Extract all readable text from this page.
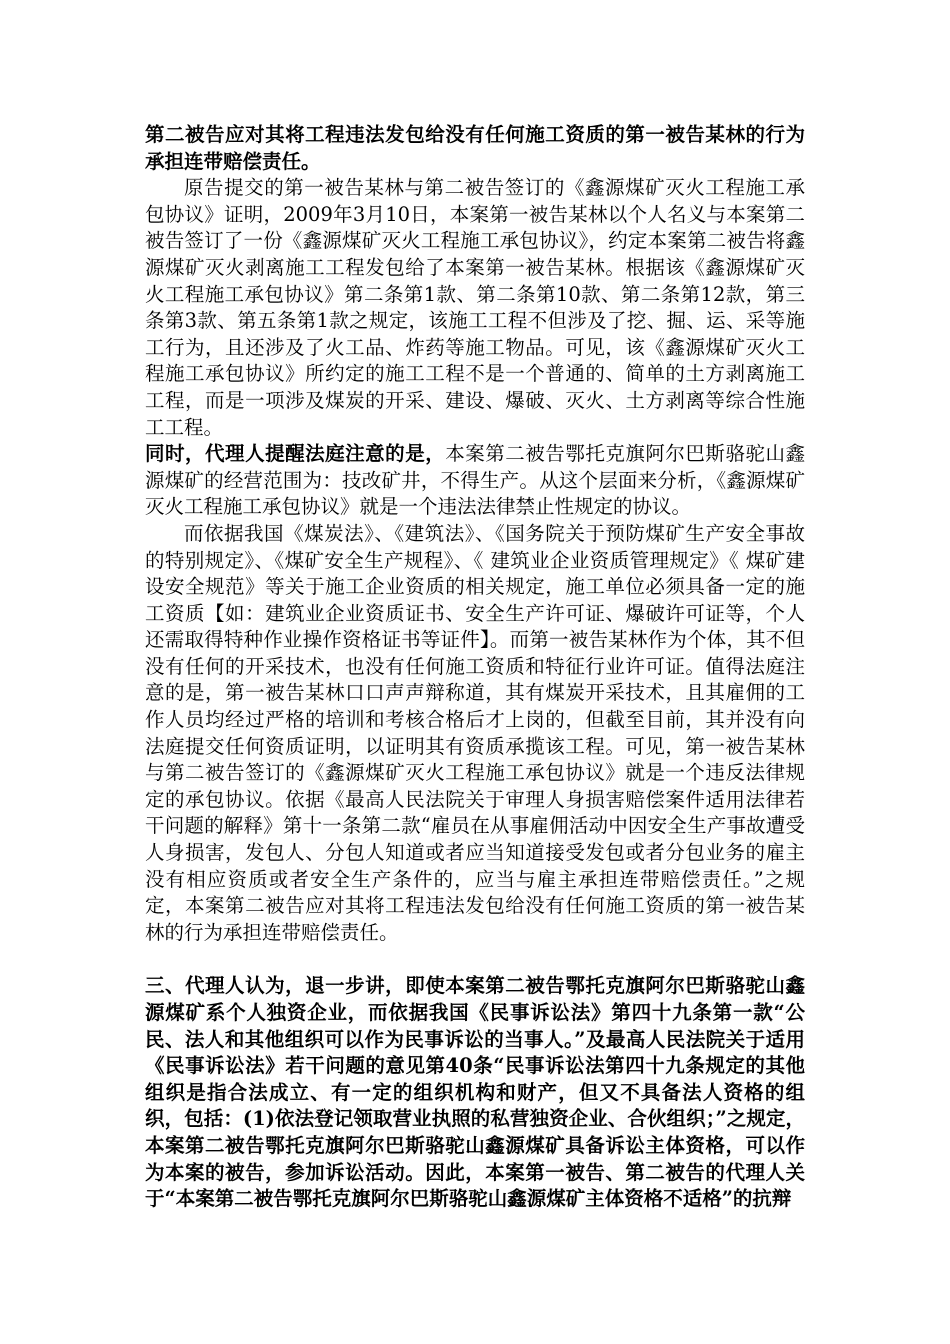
第二被告应对其将工程违法发包给没有任何施工资质的第一被告某林的行为承担连带赔偿责任。

原告提交的第一被告某林与第二被告签订的《鑫源煤矿灭火工程施工承包协议》证明，2009年3月10日，本案第一被告某林以个人名义与本案第二被告签订了一份《鑫源煤矿灭火工程施工承包协议》，约定本案第二被告将鑫源煤矿灭火剥离施工工程发包给了本案第一被告某林。根据该《鑫源煤矿灭火工程施工承包协议》第二条第1款、第二条第10款、第二条第12款，第三条第3款、第五条第1款之规定，该施工工程不但涉及了挖、掘、运、采等施工行为，且还涉及了火工品、炸药等施工物品。可见，该《鑫源煤矿灭火工程施工承包协议》所约定的施工工程不是一个普通的、简单的土方剥离施工工程，而是一项涉及煤炭的开采、建设、爆破、灭火、土方剥离等综合性施工工程。

同时，代理人提醒法庭注意的是，本案第二被告鄂托克旗阿尔巴斯骆驼山鑫源煤矿的经营范围为：技改矿井，不得生产。从这个层面来分析，《鑫源煤矿灭火工程施工承包协议》就是一个违法法律禁止性规定的协议。

而依据我国《煤炭法》、《建筑法》、《国务院关于预防煤矿生产安全事故的特别规定》、《煤矿安全生产规程》、《 建筑业企业资质管理规定》《 煤矿建设安全规范》等关于施工企业资质的相关规定，施工单位必须具备一定的施工资质【如：建筑业企业资质证书、安全生产许可证、爆破许可证等，个人还需取得特种作业操作资格证书等证件】。而第一被告某林作为个体，其不但没有任何的开采技术，也没有任何施工资质和特征行业许可证。值得法庭注意的是，第一被告某林口口声声辩称道，其有煤炭开采技术，且其雇佣的工作人员均经过严格的培训和考核合格后才上岗的，但截至目前，其并没有向法庭提交任何资质证明，以证明其有资质承揽该工程。可见，第一被告某林与第二被告签订的《鑫源煤矿灭火工程施工承包协议》就是一个违反法律规定的承包协议。依据《最高人民法院关于审理人身损害赔偿案件适用法律若干问题的解释》第十一条第二款“雇员在从事雇佣活动中因安全生产事故遭受人身损害，发包人、分包人知道或者应当知道接受发包或者分包业务的雇主没有相应资质或者安全生产条件的，应当与雇主承担连带赔偿责任。”之规定，本案第二被告应对其将工程违法发包给没有任何施工资质的第一被告某林的行为承担连带赔偿责任。

三、代理人认为，退一步讲，即使本案第二被告鄂托克旗阿尔巴斯骆驼山鑫源煤矿系个人独资企业，而依据我国《民事诉讼法》第四十九条第一款“公民、法人和其他组织可以作为民事诉讼的当事人。”及最高人民法院关于适用《民事诉讼法》若干问题的意见第40条“民事诉讼法第四十九条规定的其他组织是指合法成立、有一定的组织机构和财产，但又不具备法人资格的组织，包括：(1)依法登记领取营业执照的私营独资企业、合伙组织；”之规定，本案第二被告鄂托克旗阿尔巴斯骆驼山鑫源煤矿具备诉讼主体资格，可以作为本案的被告，参加诉讼活动。因此，本案第一被告、第二被告的代理人关于“本案第二被告鄂托克旗阿尔巴斯骆驼山鑫源煤矿主体资格不适格”的抗辩
